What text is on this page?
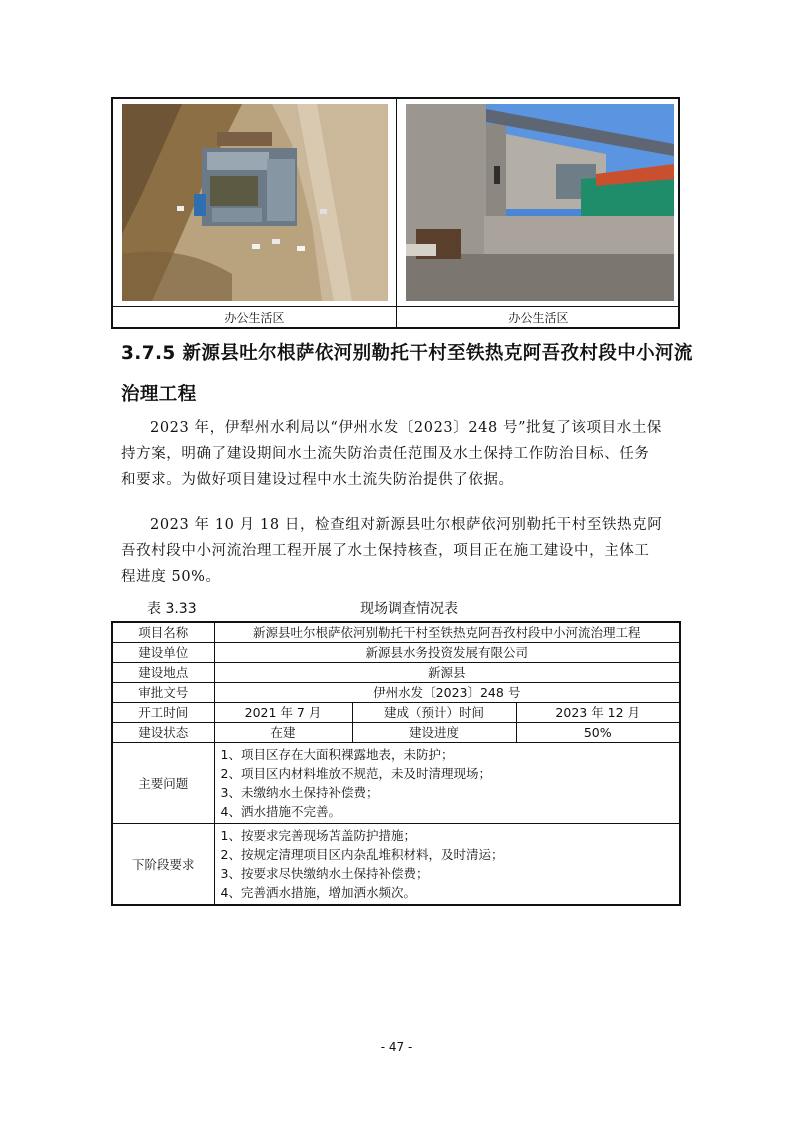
办公生活区	办公生活区
3.7.5 新源县吐尔根萨依河别勒托干村至铁热克阿吾孜村段中小河流
治理工程
2023 年，伊犁州水利局以“伊州水发〔2023〕248 号”批复了该项目水土保
持方案，明确了建设期间水土流失防治责任范围及水土保持工作防治目标、任务
和要求。为做好项目建设过程中水土流失防治提供了依据。
2023 年 10 月 18 日，检查组对新源县吐尔根萨依河别勒托干村至铁热克阿
吾孜村段中小河流治理工程开展了水土保持核查，项目正在施工建设中，主体工
程进度 50%。
表 3.33	现场调查情况表
项目名称	新源县吐尔根萨依河别勒托干村至铁热克阿吾孜村段中小河流治理工程		
建设单位	新源县水务投资发展有限公司		
建设地点	新源县		
审批文号	伊州水发〔2023〕248 号		
开工时间	2021 年 7 月	建成（预计）时间	2023 年 12 月
建设状态	在建	建设进度	50%
主要问题	1、项目区存在大面积裸露地表，未防护；
2、项目区内材料堆放不规范，未及时清理现场；
3、未缴纳水土保持补偿费；
4、洒水措施不完善。		

下阶段要求	1、按要求完善现场苫盖防护措施；
2、按规定清理项目区内杂乱堆积材料，及时清运；
3、按要求尽快缴纳水土保持补偿费；
4、完善洒水措施，增加洒水频次。		
- 47 -
